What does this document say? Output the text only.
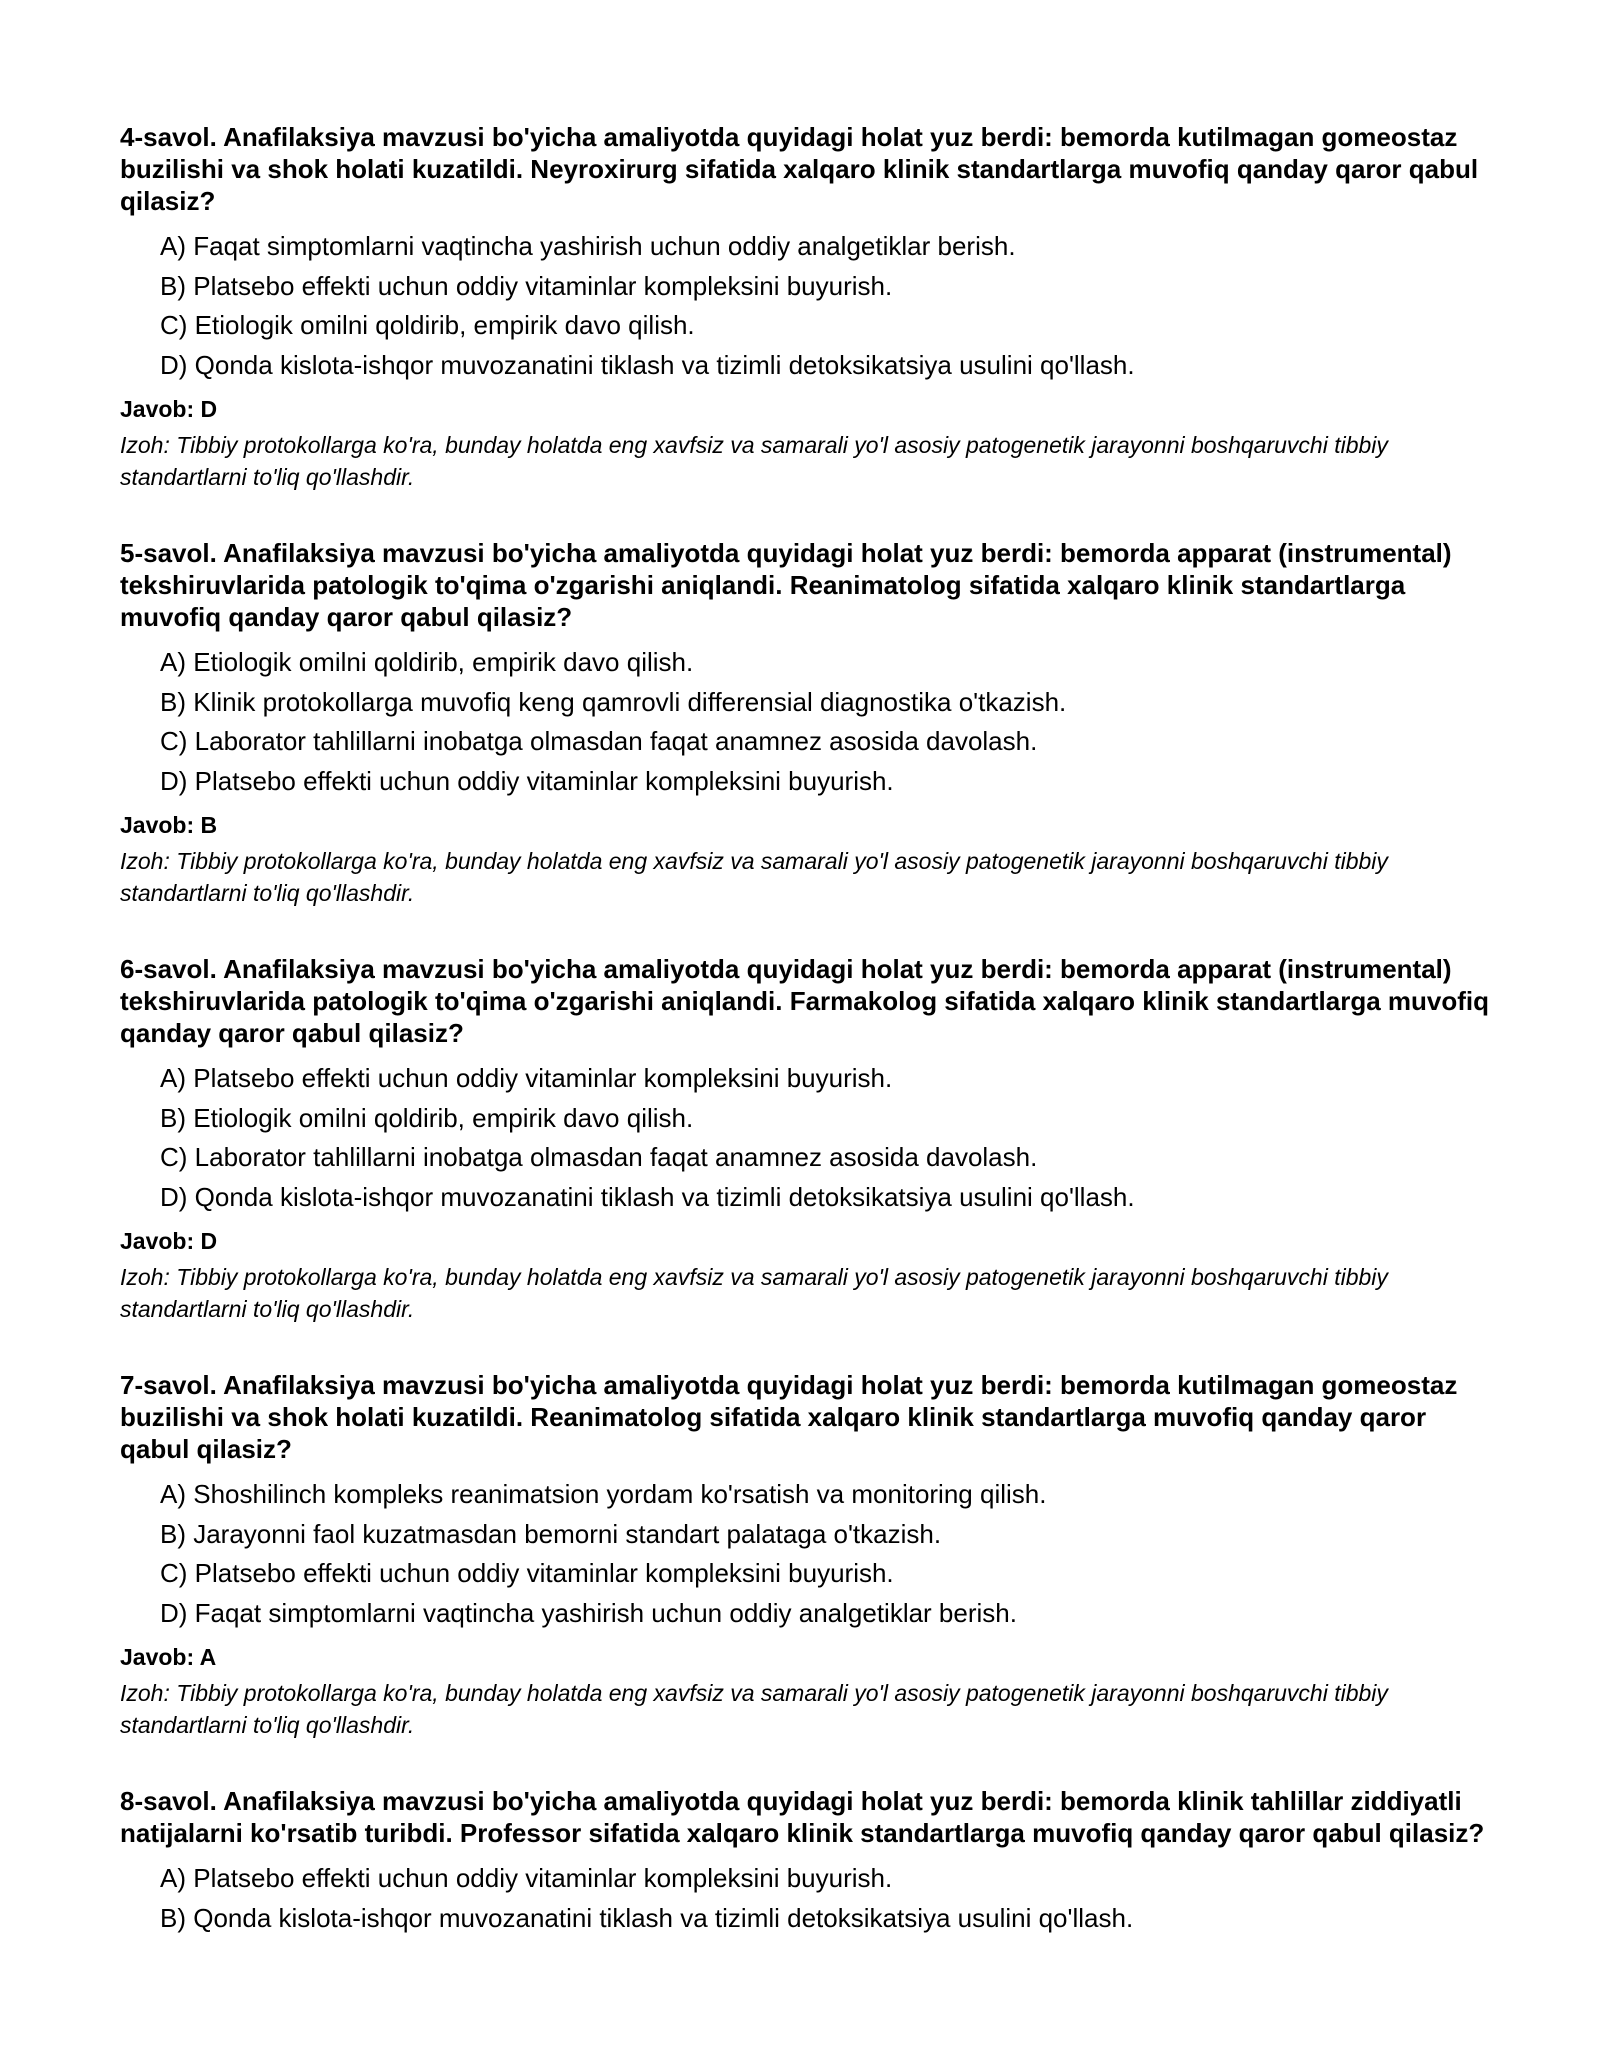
4-savol. Anafilaksiya mavzusi bo'yicha amaliyotda quyidagi holat yuz berdi: bemorda kutilmagan gomeostaz buzilishi va shok holati kuzatildi. Neyroxirurg sifatida xalqaro klinik standartlarga muvofiq qanday qaror qabul qilasiz?

A) Faqat simptomlarni vaqtincha yashirish uchun oddiy analgetiklar berish.
B) Platsebo effekti uchun oddiy vitaminlar kompleksini buyurish.
C) Etiologik omilni qoldirib, empirik davo qilish.
D) Qonda kislota-ishqor muvozanatini tiklash va tizimli detoksikatsiya usulini qo'llash.

Javob: D

Izoh: Tibbiy protokollarga ko'ra, bunday holatda eng xavfsiz va samarali yo'l asosiy patogenetik jarayonni boshqaruvchi tibbiy standartlarni to'liq qo'llashdir.

5-savol. Anafilaksiya mavzusi bo'yicha amaliyotda quyidagi holat yuz berdi: bemorda apparat (instrumental) tekshiruvlarida patologik to'qima o'zgarishi aniqlandi. Reanimatolog sifatida xalqaro klinik standartlarga muvofiq qanday qaror qabul qilasiz?

A) Etiologik omilni qoldirib, empirik davo qilish.
B) Klinik protokollarga muvofiq keng qamrovli differensial diagnostika o'tkazish.
C) Laborator tahlillarni inobatga olmasdan faqat anamnez asosida davolash.
D) Platsebo effekti uchun oddiy vitaminlar kompleksini buyurish.

Javob: B

Izoh: Tibbiy protokollarga ko'ra, bunday holatda eng xavfsiz va samarali yo'l asosiy patogenetik jarayonni boshqaruvchi tibbiy standartlarni to'liq qo'llashdir.

6-savol. Anafilaksiya mavzusi bo'yicha amaliyotda quyidagi holat yuz berdi: bemorda apparat (instrumental) tekshiruvlarida patologik to'qima o'zgarishi aniqlandi. Farmakolog sifatida xalqaro klinik standartlarga muvofiq qanday qaror qabul qilasiz?

A) Platsebo effekti uchun oddiy vitaminlar kompleksini buyurish.
B) Etiologik omilni qoldirib, empirik davo qilish.
C) Laborator tahlillarni inobatga olmasdan faqat anamnez asosida davolash.
D) Qonda kislota-ishqor muvozanatini tiklash va tizimli detoksikatsiya usulini qo'llash.

Javob: D

Izoh: Tibbiy protokollarga ko'ra, bunday holatda eng xavfsiz va samarali yo'l asosiy patogenetik jarayonni boshqaruvchi tibbiy standartlarni to'liq qo'llashdir.

7-savol. Anafilaksiya mavzusi bo'yicha amaliyotda quyidagi holat yuz berdi: bemorda kutilmagan gomeostaz buzilishi va shok holati kuzatildi. Reanimatolog sifatida xalqaro klinik standartlarga muvofiq qanday qaror qabul qilasiz?

A) Shoshilinch kompleks reanimatsion yordam ko'rsatish va monitoring qilish.
B) Jarayonni faol kuzatmasdan bemorni standart palataga o'tkazish.
C) Platsebo effekti uchun oddiy vitaminlar kompleksini buyurish.
D) Faqat simptomlarni vaqtincha yashirish uchun oddiy analgetiklar berish.

Javob: A

Izoh: Tibbiy protokollarga ko'ra, bunday holatda eng xavfsiz va samarali yo'l asosiy patogenetik jarayonni boshqaruvchi tibbiy standartlarni to'liq qo'llashdir.

8-savol. Anafilaksiya mavzusi bo'yicha amaliyotda quyidagi holat yuz berdi: bemorda klinik tahlillar ziddiyatli natijalarni ko'rsatib turibdi. Professor sifatida xalqaro klinik standartlarga muvofiq qanday qaror qabul qilasiz?

A) Platsebo effekti uchun oddiy vitaminlar kompleksini buyurish.
B) Qonda kislota-ishqor muvozanatini tiklash va tizimli detoksikatsiya usulini qo'llash.
